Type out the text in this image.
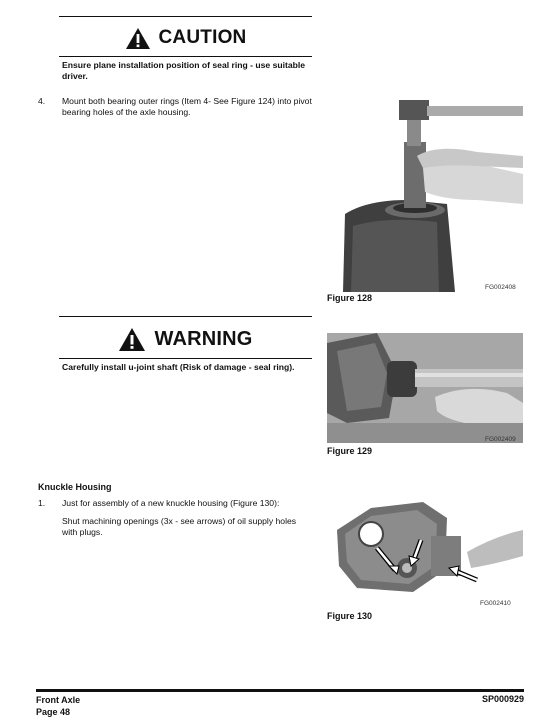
CAUTION
Ensure plane installation position of seal ring - use suitable driver.
4. Mount both bearing outer rings (Item 4- See Figure 124) into pivot bearing holes of the axle housing.
FG002408
Figure 128
WARNING
Carefully install u-joint shaft (Risk of damage - seal ring).
FG002409
Figure 129
Knuckle Housing
1. Just for assembly of a new knuckle housing (Figure 130):
Shut machining openings (3x - see arrows) of oil supply holes with plugs.
FG002410
Figure 130
Front Axle
Page 48
SP000929
